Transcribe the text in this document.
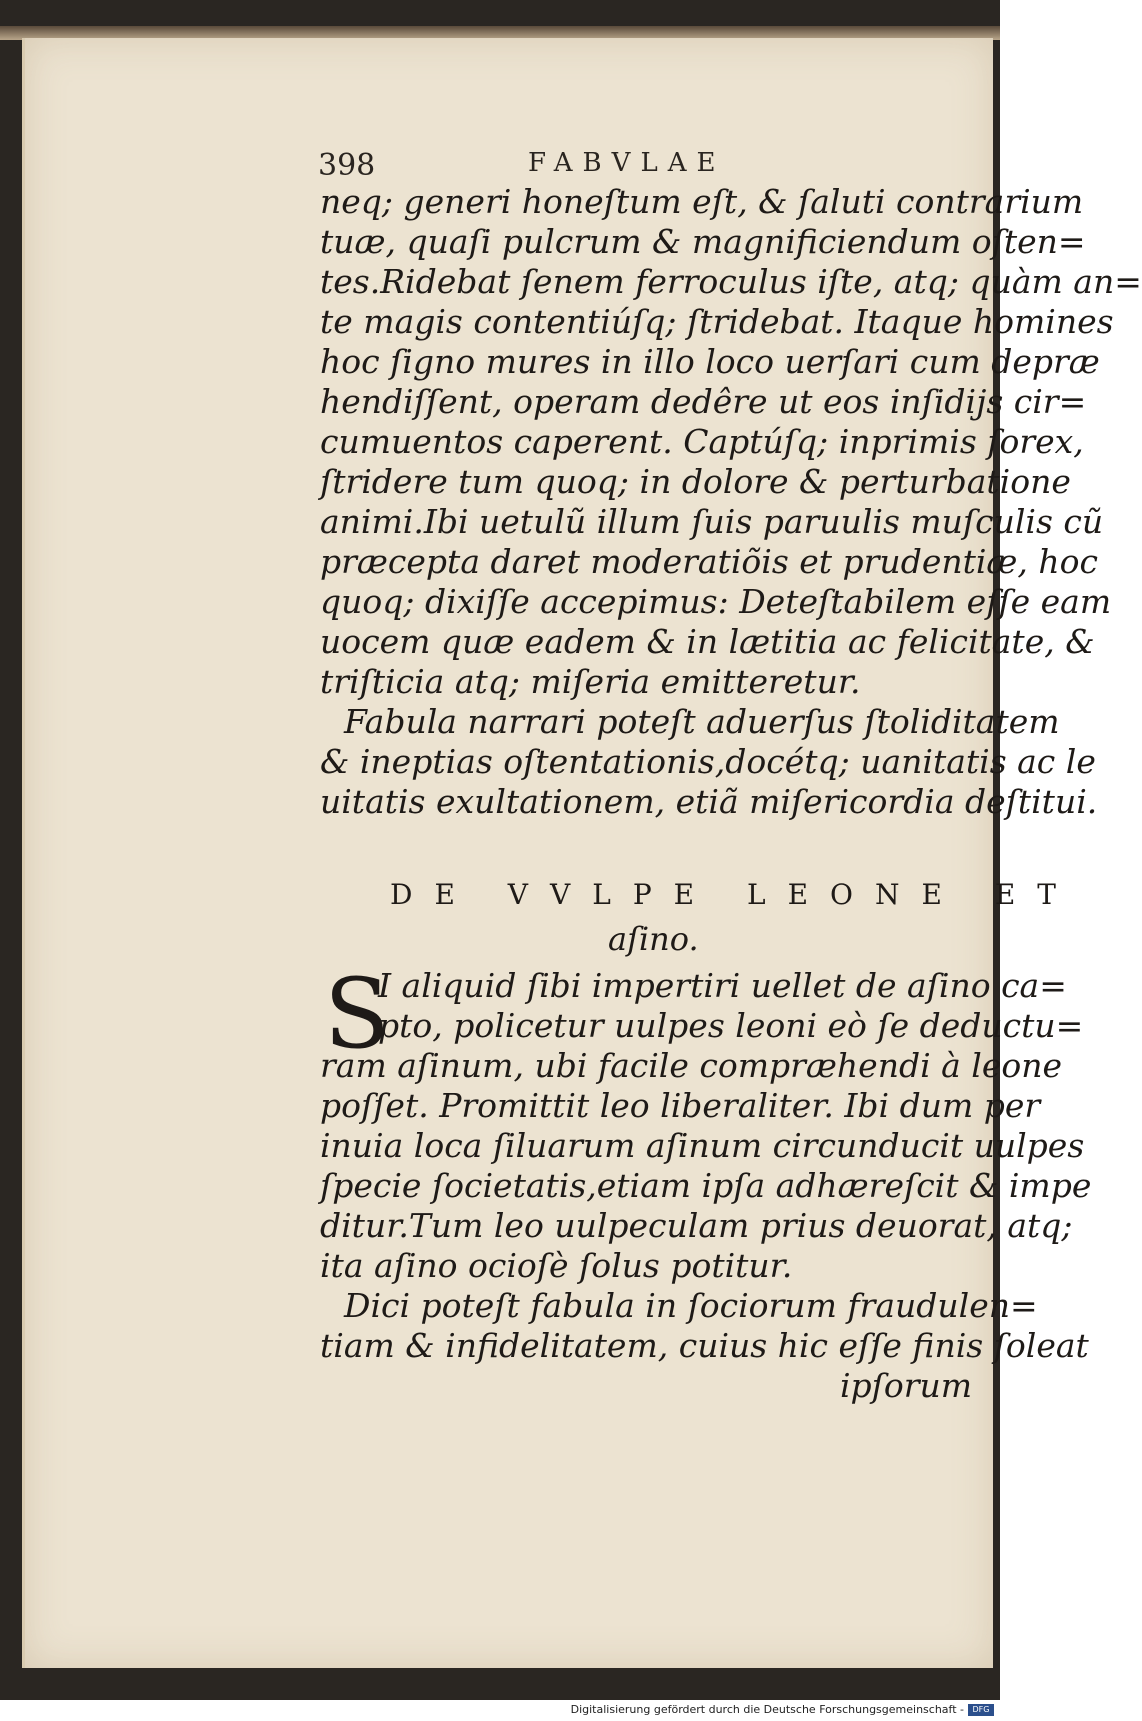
398	FABVLAE
neq; generi honeſtum eſt, & ſaluti contrarium
tuæ, quaſi pulcrum & magnificiendum oſten=
tes.Ridebat ſenem ferroculus iſte, atq; quàm an=
te magis contentiúſq; ſtridebat. Itaque homines
hoc ſigno mures in illo loco uerſari cum depræ
hendiſſent, operam dedêre ut eos inſidijs cir=
cumuentos caperent. Captúſq; inprimis ſorex,
ſtridere tum quoq; in dolore & perturbatione
animi.Ibi uetulũ illum ſuis paruulis muſculis cũ
præcepta daret moderatiõis et prudentiæ, hoc
quoq; dixiſſe accepimus: Deteſtabilem eſſe eam
uocem quæ eadem & in lætitia ac felicitate, &
triſticia atq; miſeria emitteretur.
Fabula narrari poteſt aduerſus ſtoliditatem
& ineptias oſtentationis,docétq; uanitatis ac le
uitatis exultationem, etiã miſericordia deſtitui.
DE VVLPE LEONE ET
aſino.
S
I aliquid ſibi impertiri uellet de aſino ca=
pto, policetur uulpes leoni eò ſe deductu=
ram aſinum, ubi facile compræhendi à leone
poſſet. Promittit leo liberaliter. Ibi dum per
inuia loca ſiluarum aſinum circunducit uulpes
ſpecie ſocietatis,etiam ipſa adhæreſcit & impe
ditur.Tum leo uulpeculam prius deuorat, atq;
ita aſino ocioſè ſolus potitur.
Dici poteſt fabula in ſociorum fraudulen=
tiam & infidelitatem, cuius hic eſſe finis ſoleat
ipſorum
Digitalisierung gefördert durch die Deutsche Forschungsgemeinschaft -	DFG
